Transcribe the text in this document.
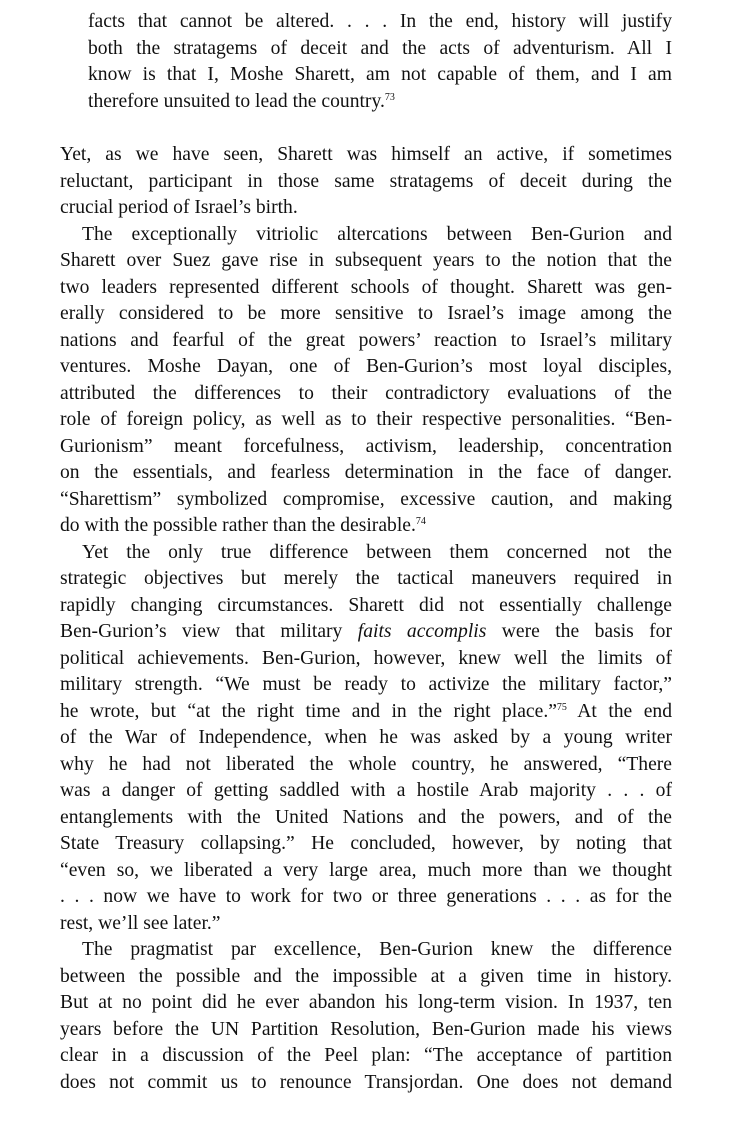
facts that cannot be altered. . . . In the end, history will justify
both the stratagems of deceit and the acts of adventurism. All I
know is that I, Moshe Sharett, am not capable of them, and I am
therefore unsuited to lead the country.$^{73}$
Yet, as we have seen, Sharett was himself an active, if sometimes
reluctant, participant in those same stratagems of deceit during the
crucial period of Israel’s birth.
The exceptionally vitriolic altercations between Ben-Gurion and
Sharett over Suez gave rise in subsequent years to the notion that the
two leaders represented different schools of thought. Sharett was gen-
erally considered to be more sensitive to Israel’s image among the
nations and fearful of the great powers’ reaction to Israel’s military
ventures. Moshe Dayan, one of Ben-Gurion’s most loyal disciples,
attributed the differences to their contradictory evaluations of the
role of foreign policy, as well as to their respective personalities. “Ben-
Gurionism” meant forcefulness, activism, leadership, concentration
on the essentials, and fearless determination in the face of danger.
“Sharettism” symbolized compromise, excessive caution, and making
do with the possible rather than the desirable.$^{74}$
Yet the only true difference between them concerned not the
strategic objectives but merely the tactical maneuvers required in
rapidly changing circumstances. Sharett did not essentially challenge
Ben-Gurion’s view that military faits accomplis were the basis for
political achievements. Ben-Gurion, however, knew well the limits of
military strength. “We must be ready to activize the military factor,”
he wrote, but “at the right time and in the right place.”$^{75}$ At the end
of the War of Independence, when he was asked by a young writer
why he had not liberated the whole country, he answered, “There
was a danger of getting saddled with a hostile Arab majority . . . of
entanglements with the United Nations and the powers, and of the
State Treasury collapsing.” He concluded, however, by noting that
“even so, we liberated a very large area, much more than we thought
. . . now we have to work for two or three generations . . . as for the
rest, we’ll see later.”
The pragmatist par excellence, Ben-Gurion knew the difference
between the possible and the impossible at a given time in history.
But at no point did he ever abandon his long-term vision. In 1937, ten
years before the UN Partition Resolution, Ben-Gurion made his views
clear in a discussion of the Peel plan: “The acceptance of partition
does not commit us to renounce Transjordan. One does not demand
